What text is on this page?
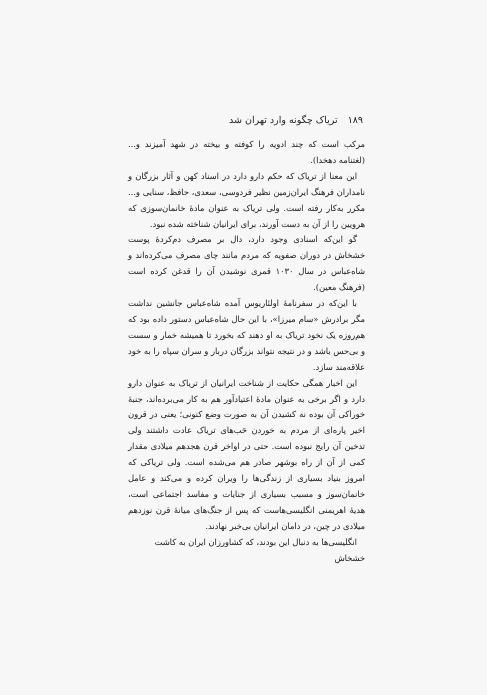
۱۸۹
تریاک چگونه وارد تهران شد

مرکب است که چند ادویه را کوفته و بیخته در شهد آمیزند و... (لغتنامه دهخدا).

این معنا از تریاک که حکم دارو دارد در اسناد کهن و آثار بزرگان و نامداران فرهنگ ایران‌زمین نظیر فردوسی، سعدی، حافظ، سنایی و... مکرر به‌کار رفته است. ولی تریاک به عنوان مادهٔ خانمان‌سوزی که هرویین را از آن به دست آورند، برای ایرانیان شناخته شده نبود.

گو این‌که اسنادی وجود دارد، دال بر مصرف دم‌کردهٔ پوست خشخاش در دوران صفویه که مردم مانند چای مصرف می‌کرده‌اند و شاه‌عباس در سال ۱۰۳۰ قمری نوشیدن آن را قدغن کرده است (فرهنگ معین).

با این‌که در سفرنامهٔ اولئاریوس آمده شاه‌عباس جانشین نداشت مگر برادرش «سام میرزا»، با این حال شاه‌عباس دستور داده بود که هم‌روزه یک نخود تریاک به او دهند که بخورد تا همیشه خمار و سست و بی‌حس باشد و در نتیجه نتواند بزرگان دربار و سران سپاه را به خود علاقه‌مند سازد.

این اخبار همگی حکایت از شناخت ایرانیان از تریاک به عنوان دارو دارد و اگر برخی به عنوان مادهٔ اعتیادآور هم به کار می‌برده‌اند، جنبهٔ خوراکی آن بوده نه کشیدن آن به صورت وضع کنونی؛ یعنی در قرون اخیر پاره‌ای از مردم به خوردن حَب‌های تریاک عادت داشتند ولی تدخین آن رایج نبوده است. حتی در اواخر قرن هجدهم میلادی مقدار کمی از آن از راه بوشهر صادر هم می‌شده است. ولی تریاکی که امروز بنیاد بسیاری از زندگی‌ها را ویران کرده و می‌کند و عامل خانمان‌سوز و مسبب بسیاری از جنایات و مفاسد اجتماعی است، هدیهٔ اهریمنی انگلیسی‌هاست که پس از جنگ‌های میانهٔ قرن نوزدهم میلادی در چین، در دامان ایرانیان بی‌خبر نهادند.

انگلیسی‌ها به دنبال این بودند، که کشاورزان ایران به کاشت خشخاش
